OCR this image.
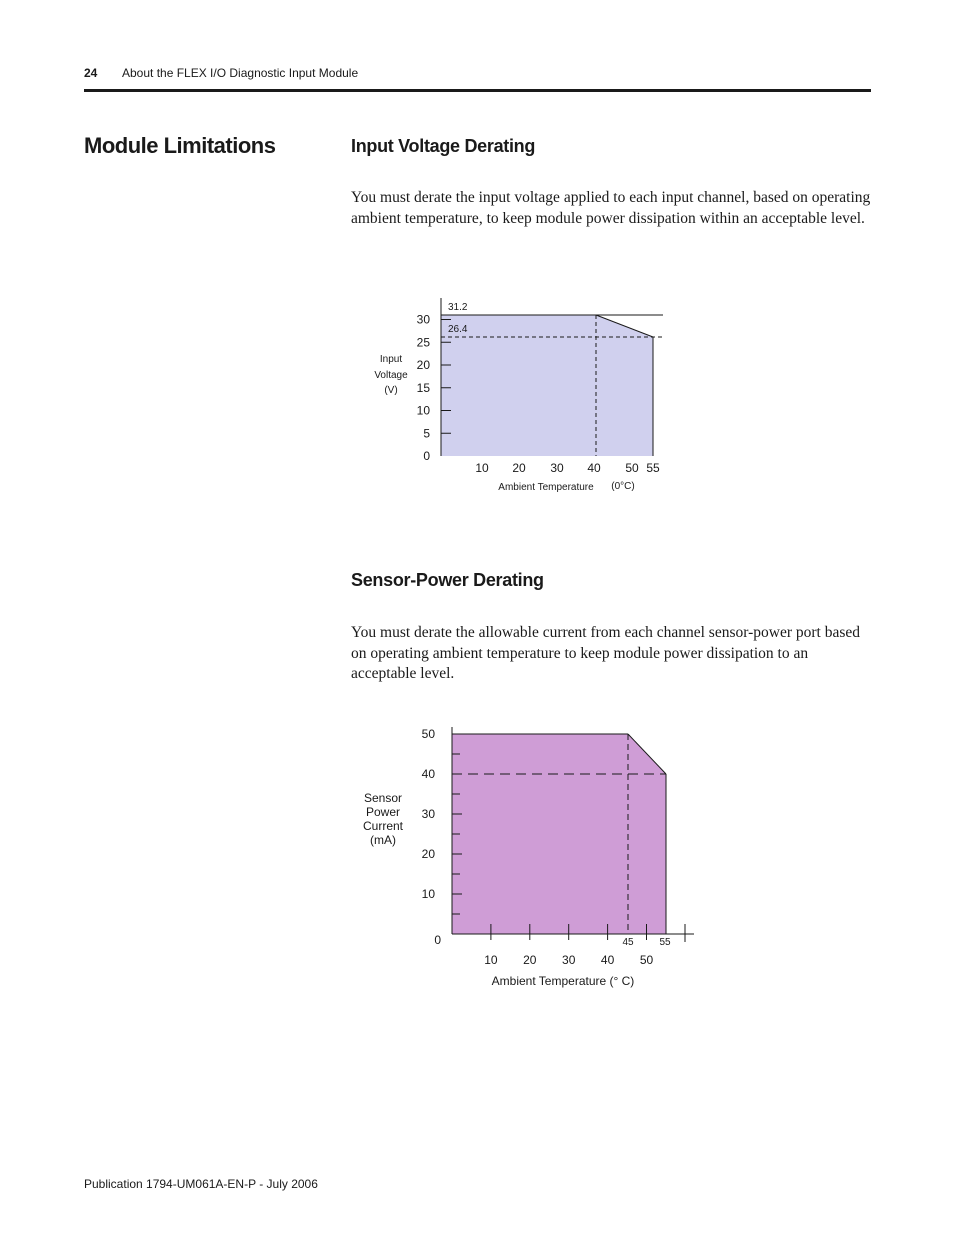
24 About the FLEX I/O Diagnostic Input Module
Module Limitations	Input Voltage Derating
You must derate the input voltage applied to each input channel, based on operating ambient temperature, to keep module power dissipation within an acceptable level.
0
5
10
15
20
25
30
10 20 30 40 50 55
31.2
26.4
Input
Voltage
(V)
Ambient Temperature (0°C)
0
10
20
30
40
50
10 20 30 40 50
45	55
Sensor
Power
Current
(mA)
Ambient Temperature (° C)
Sensor-Power Derating
You must derate the allowable current from each channel sensor-power port based on operating ambient temperature to keep module power dissipation to an acceptable level.
Publication 1794-UM061A-EN-P - July 2006
